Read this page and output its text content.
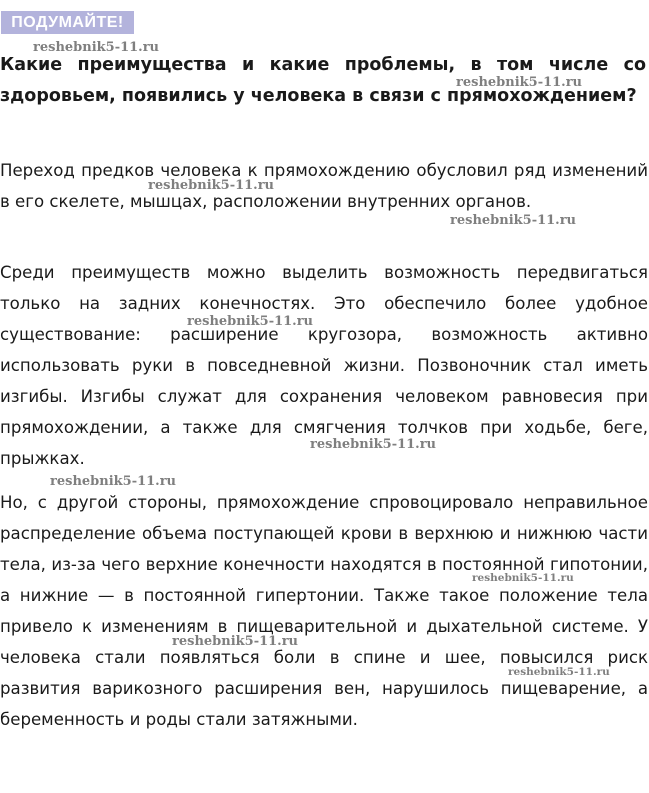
ПОДУМАЙТЕ!

Какие преимущества и какие проблемы, в том числе со здоровьем, появились у человека в связи с прямохождением?

Переход предков человека к прямохождению обусловил ряд изменений в его скелете, мышцах, расположении внутренних органов.

Среди преимуществ можно выделить возможность передвигаться только на задних конечностях. Это обеспечило более удобное существование: расширение кругозора, возможность активно использовать руки в повседневной жизни. Позвоночник стал иметь изгибы. Изгибы служат для сохранения человеком равновесия при прямохождении, а также для смягчения толчков при ходьбе, беге, прыжках.

Но, с другой стороны, прямохождение спровоцировало неправильное распределение объема поступающей крови в верхнюю и нижнюю части тела, из-за чего верхние конечности находятся в постоянной гипотонии, а нижние — в постоянной гипертонии. Также такое положение тела привело к изменениям в пищеварительной и дыхательной системе. У человека стали появляться боли в спине и шее, повысился риск развития варикозного расширения вен, нарушилось пищеварение, а беременность и роды стали затяжными.

reshebnik5-11.ru
reshebnik5-11.ru
reshebnik5-11.ru
reshebnik5-11.ru
reshebnik5-11.ru
reshebnik5-11.ru
reshebnik5-11.ru
reshebnik5-11.ru
reshebnik5-11.ru
reshebnik5-11.ru
